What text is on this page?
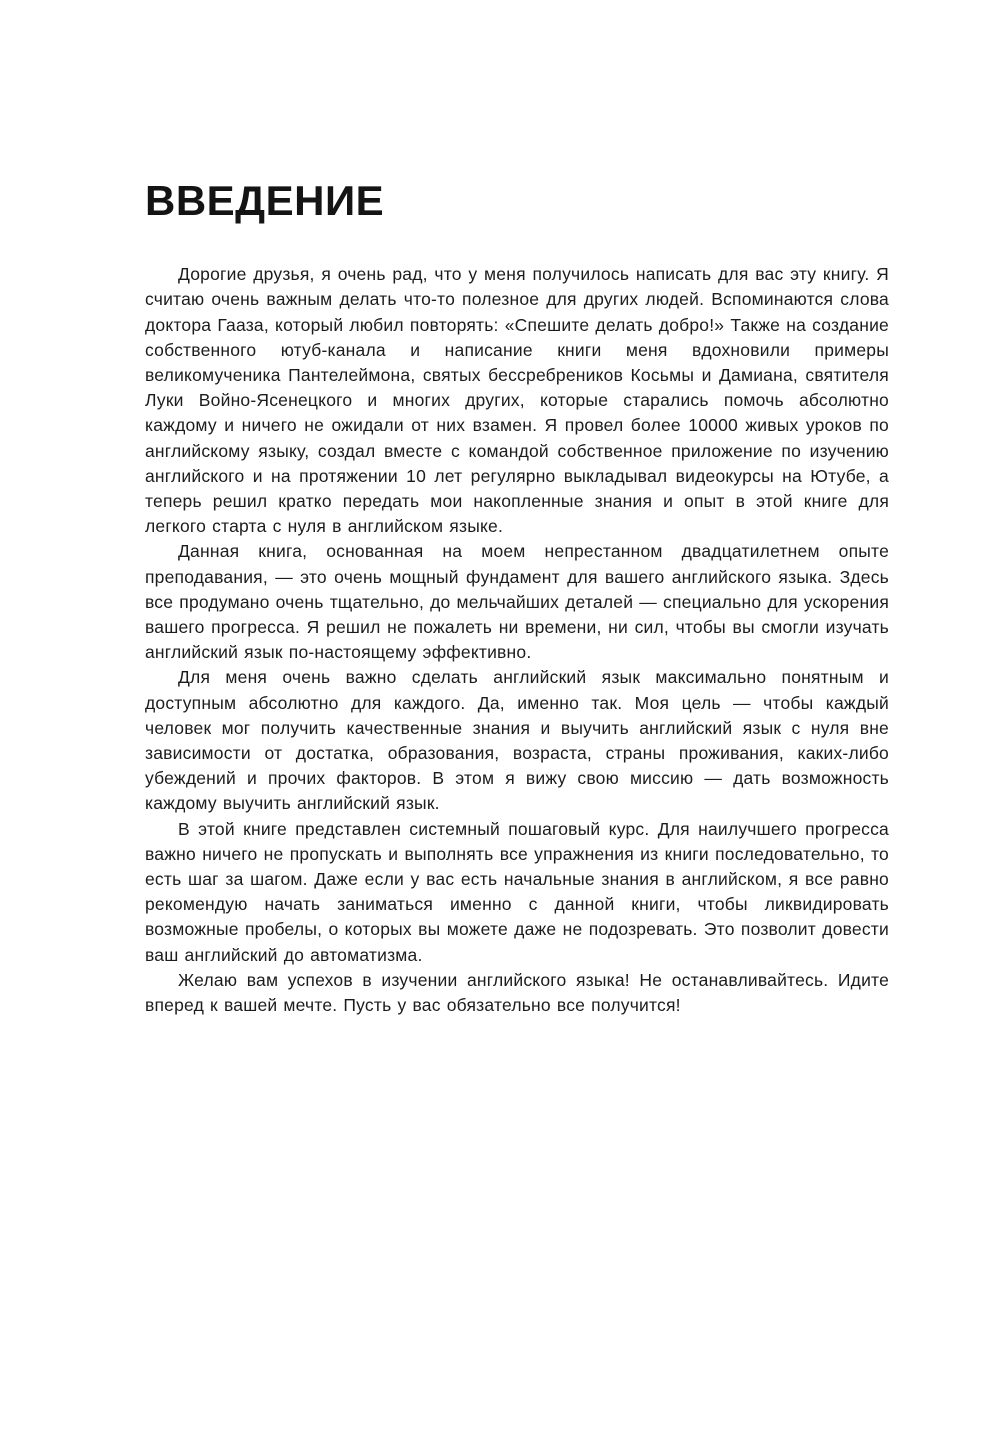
ВВЕДЕНИЕ

Дорогие друзья, я очень рад, что у меня получилось написать для вас эту книгу. Я считаю очень важным делать что-то полезное для других людей. Вспоминаются слова доктора Гааза, который любил повторять: «Спешите делать добро!» Также на создание собственного ютуб-канала и написание книги меня вдохновили примеры великомученика Пантелеймона, святых бессребреников Косьмы и Дамиана, святителя Луки Войно-Ясенецкого и многих других, которые старались помочь абсолютно каждому и ничего не ожидали от них взамен. Я провел более 10000 живых уроков по английскому языку, создал вместе с командой собственное приложение по изучению английского и на протяжении 10 лет регулярно выкладывал видеокурсы на Ютубе, а теперь решил кратко передать мои накопленные знания и опыт в этой книге для легкого старта с нуля в английском языке.

Данная книга, основанная на моем непрестанном двадцатилетнем опыте преподавания, — это очень мощный фундамент для вашего английского языка. Здесь все продумано очень тщательно, до мельчайших деталей — специально для ускорения вашего прогресса. Я решил не пожалеть ни времени, ни сил, чтобы вы смогли изучать английский язык по-настоящему эффективно.

Для меня очень важно сделать английский язык максимально понятным и доступным абсолютно для каждого. Да, именно так. Моя цель — чтобы каждый человек мог получить качественные знания и выучить английский язык с нуля вне зависимости от достатка, образования, возраста, страны проживания, каких-либо убеждений и прочих факторов. В этом я вижу свою миссию — дать возможность каждому выучить английский язык.

В этой книге представлен системный пошаговый курс. Для наилучшего прогресса важно ничего не пропускать и выполнять все упражнения из книги последовательно, то есть шаг за шагом. Даже если у вас есть начальные знания в английском, я все равно рекомендую начать заниматься именно с данной книги, чтобы ликвидировать возможные пробелы, о которых вы можете даже не подозревать. Это позволит довести ваш английский до автоматизма.

Желаю вам успехов в изучении английского языка! Не останавливайтесь. Идите вперед к вашей мечте. Пусть у вас обязательно все получится!
